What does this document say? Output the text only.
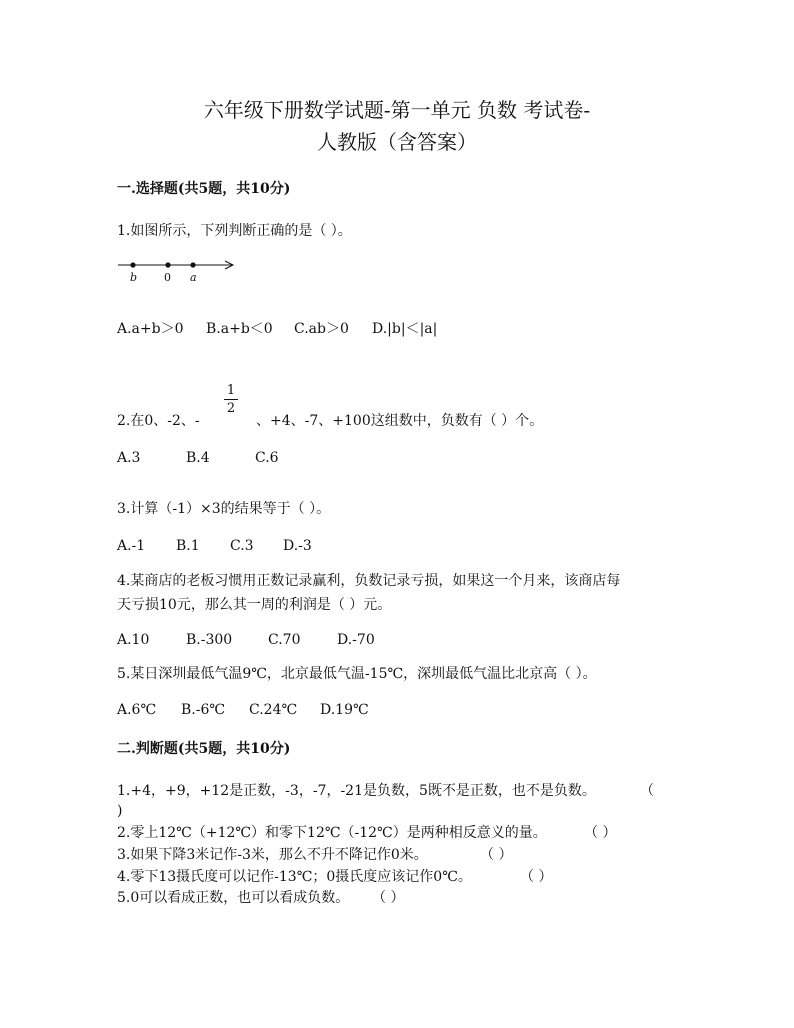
六年级下册数学试题-第一单元 负数 考试卷-
人教版（含答案）
一.选择题(共5题，共10分)
1.如图所示，下列判断正确的是（ ）。
b 0 a
A.a+b＞0 B.a+b＜0 C.ab＞0 D.|b|＜|a|
1
2
2.在0、-2、-	、+4、-7、+100这组数中，负数有（ ）个。
A.3	B.4	C.6
3.计算（-1）×3的结果等于（ ）。
A.-1 B.1 C.3 D.-3
4.某商店的老板习惯用正数记录赢利，负数记录亏损，如果这一个月来，该商店每
天亏损10元，那么其一周的利润是（ ）元。
A.10	B.-300	C.70	D.-70
5.某日深圳最低气温9℃，北京最低气温-15℃，深圳最低气温比北京高（ ）。
A.6℃ B.-6℃ C.24℃ D.19℃
二.判断题(共5题，共10分)
1.+4，+9，+12是正数，-3，-7，-21是负数，5既不是正数，也不是负数。	（
)
2.零上12℃（+12℃）和零下12℃（-12℃）是两种相反意义的量。	（ ）
3.如果下降3米记作-3米，那么不升不降记作0米。	（ ）
4.零下13摄氏度可以记作-13℃；0摄氏度应该记作0℃。	（ ）
5.0可以看成正数，也可以看成负数。 （ ）
